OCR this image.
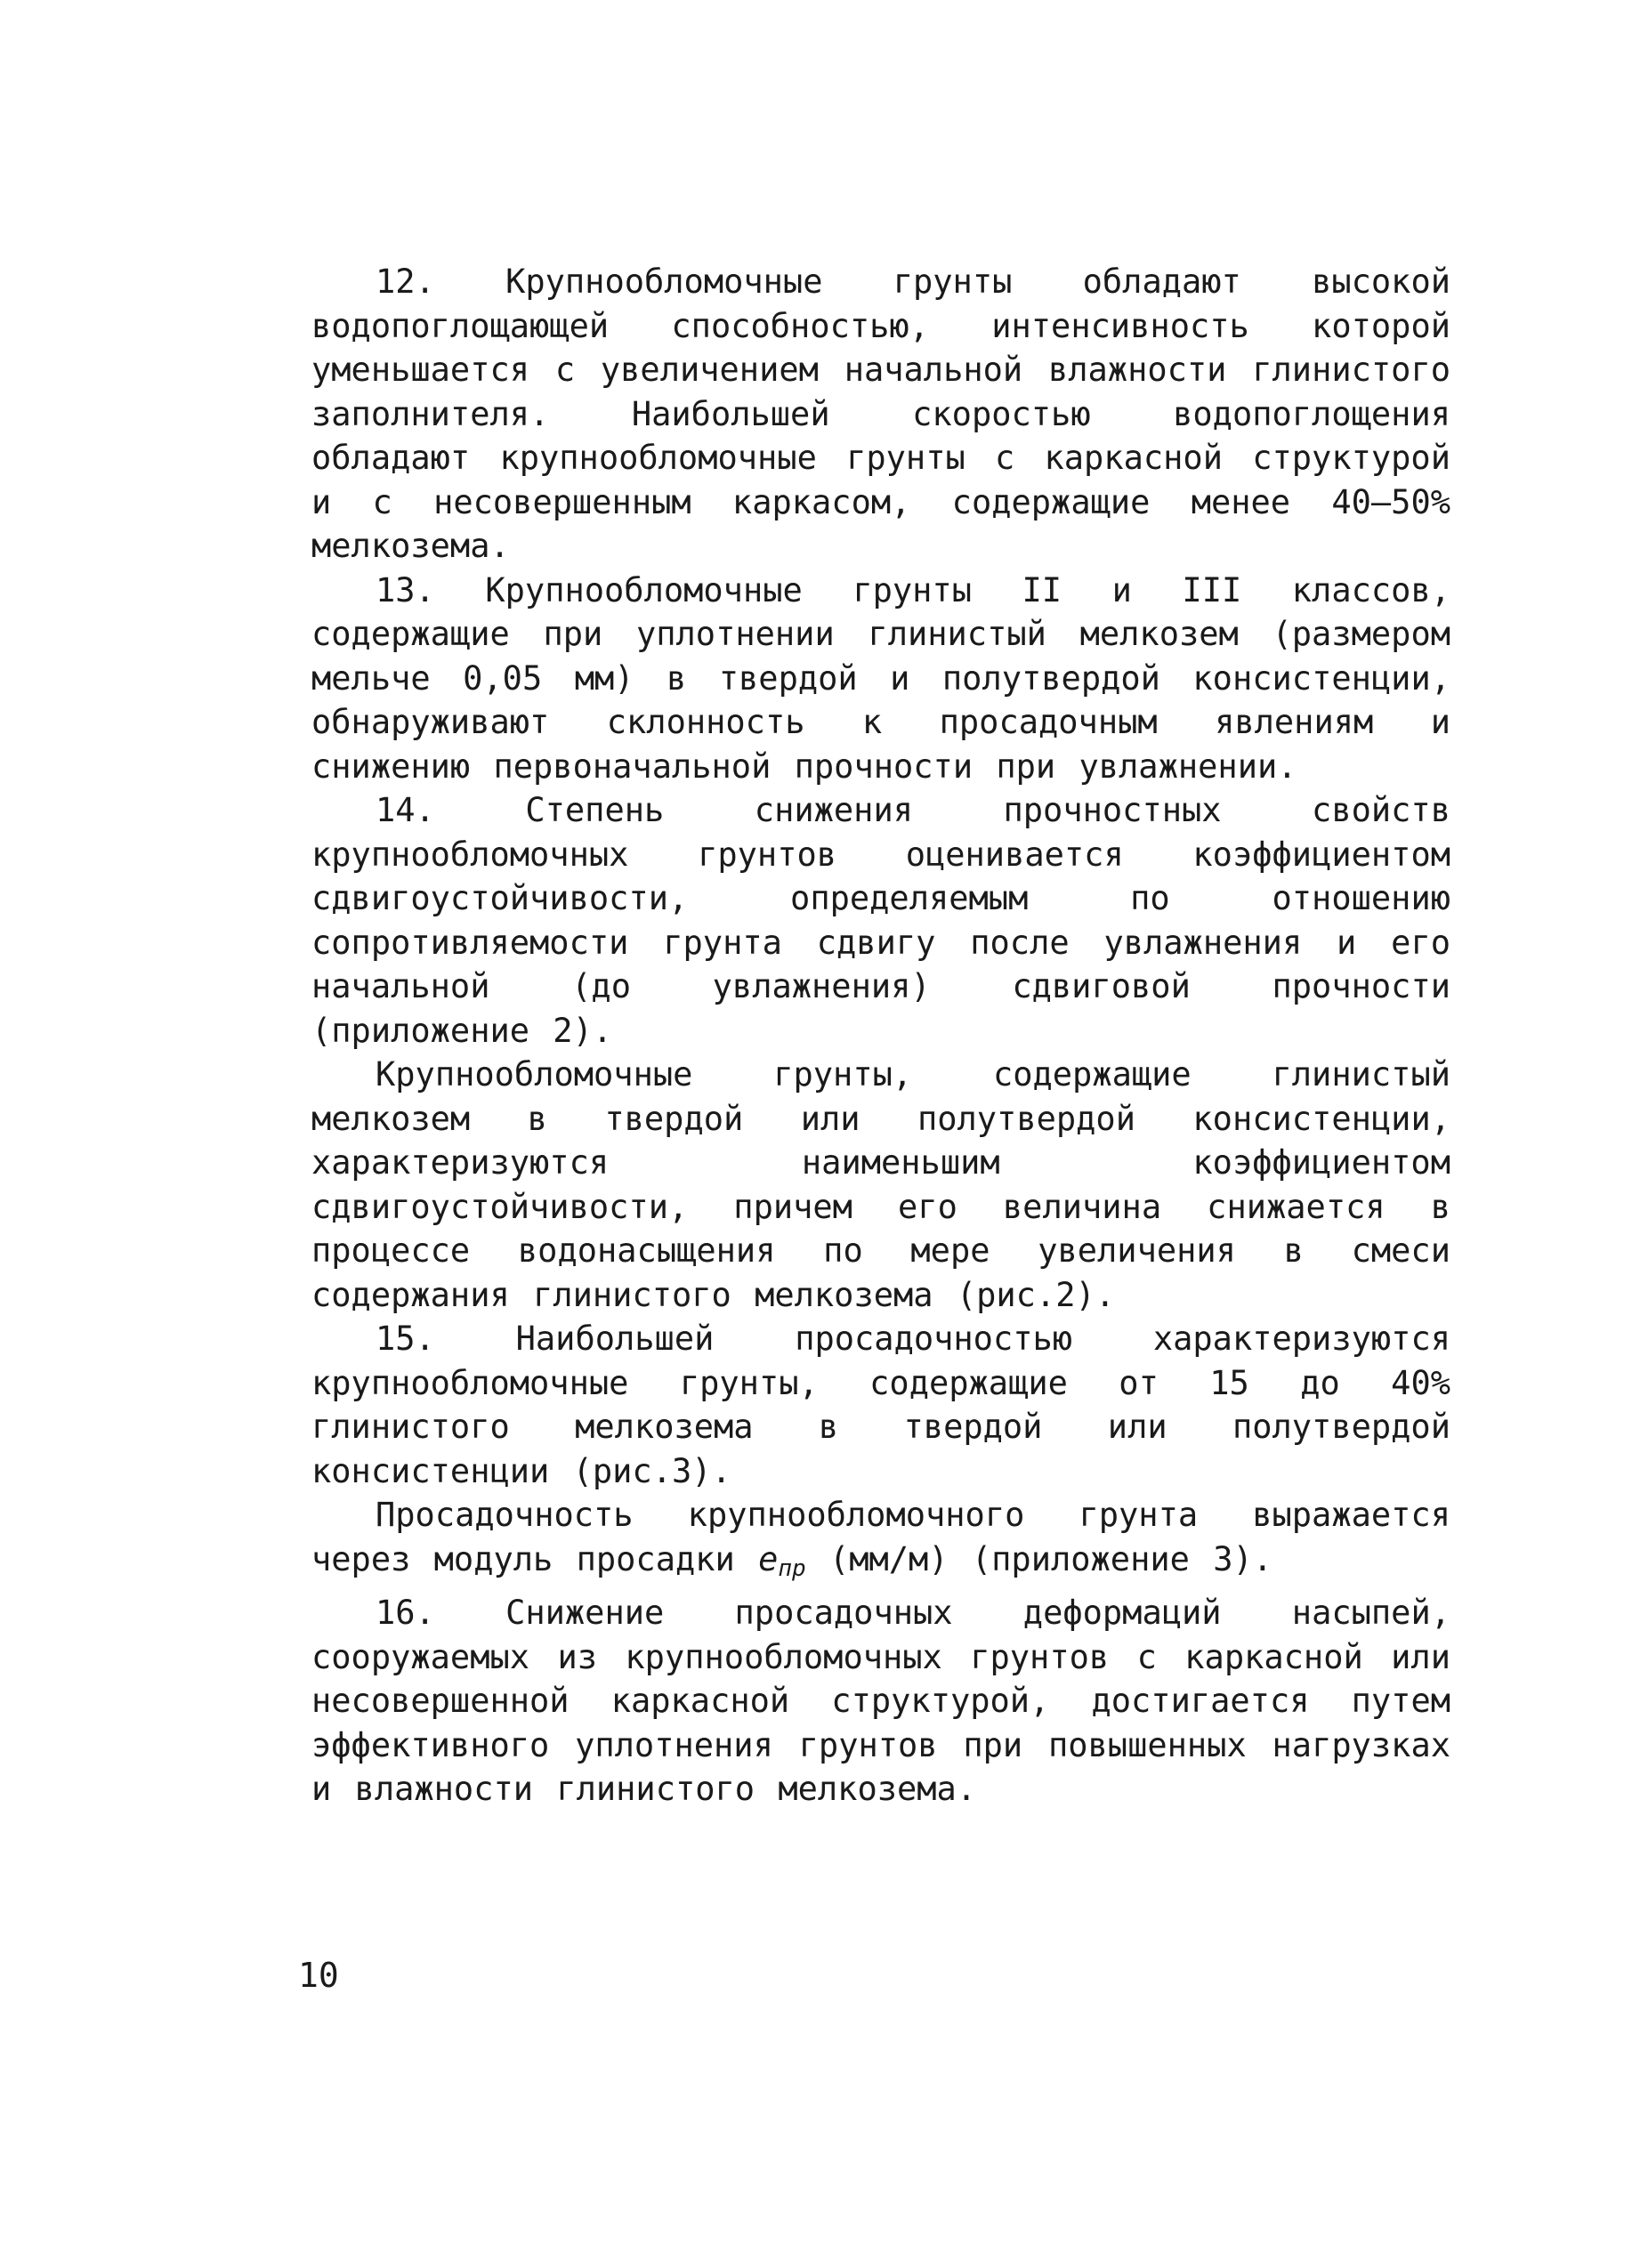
12. Крупнообломочные грунты обладают высокой водопоглощающей способностью, интенсивность которой уменьшается с увеличением начальной влажности глинистого заполнителя. Наибольшей скоростью водопоглощения обладают крупнообломочные грунты с каркасной структурой и с несовершенным каркасом, содержащие менее 40–50% мелкозема.

13. Крупнообломочные грунты II и III классов, содержащие при уплотнении глинистый мелкозем (размером мельче 0,05 мм) в твердой и полутвердой консистенции, обнаруживают склонность к просадочным явлениям и снижению первоначальной прочности при увлажнении.

14. Степень снижения прочностных свойств крупнообломочных грунтов оценивается коэффициентом сдвигоустойчивости, определяемым по отношению сопротивляемости грунта сдвигу после увлажнения и его начальной (до увлажнения) сдвиговой прочности (приложение 2).

Крупнообломочные грунты, содержащие глинистый мелкозем в твердой или полутвердой консистенции, характеризуются наименьшим коэффициентом сдвигоустойчивости, причем его величина снижается в процессе водонасыщения по мере увеличения в смеси содержания глинистого мелкозема (рис.2).

15. Наибольшей просадочностью характеризуются крупнообломочные грунты, содержащие от 15 до 40% глинистого мелкозема в твердой или полутвердой консистенции (рис.3).

Просадочность крупнообломочного грунта выражается через модуль просадки $e_{пр}$ (мм/м) (приложение 3).

16. Снижение просадочных деформаций насыпей, сооружаемых из крупнообломочных грунтов с каркасной или несовершенной каркасной структурой, достигается путем эффективного уплотнения грунтов при повышенных нагрузках и влажности глинистого мелкозема.

10
